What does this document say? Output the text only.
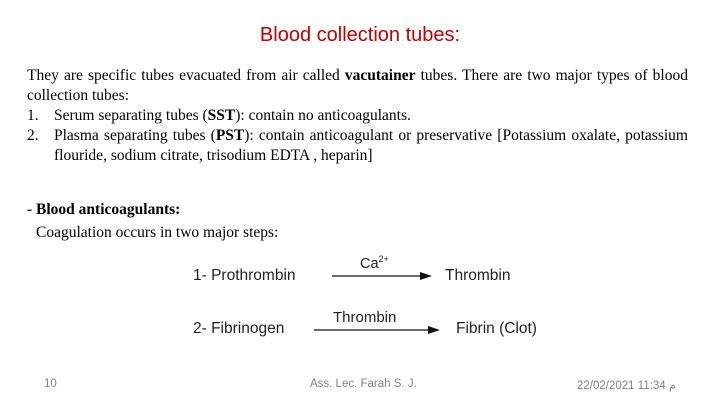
Blood collection tubes:
They are specific tubes evacuated from air called vacutainer tubes. There are two major types of blood collection tubes:
1. Serum separating tubes (SST): contain no anticoagulants.
2. Plasma separating tubes (PST): contain anticoagulant or preservative [Potassium oxalate, potassium flouride, sodium citrate, trisodium EDTA , heparin]
- Blood anticoagulants:
Coagulation occurs in two major steps:
1- Prothrombin
$Ca^{2+}$
Thrombin
2- Fibrinogen
Thrombin
Fibrin (Clot)
10	Ass. Lec. Farah S. J.	م 11:34 22/02/2021
